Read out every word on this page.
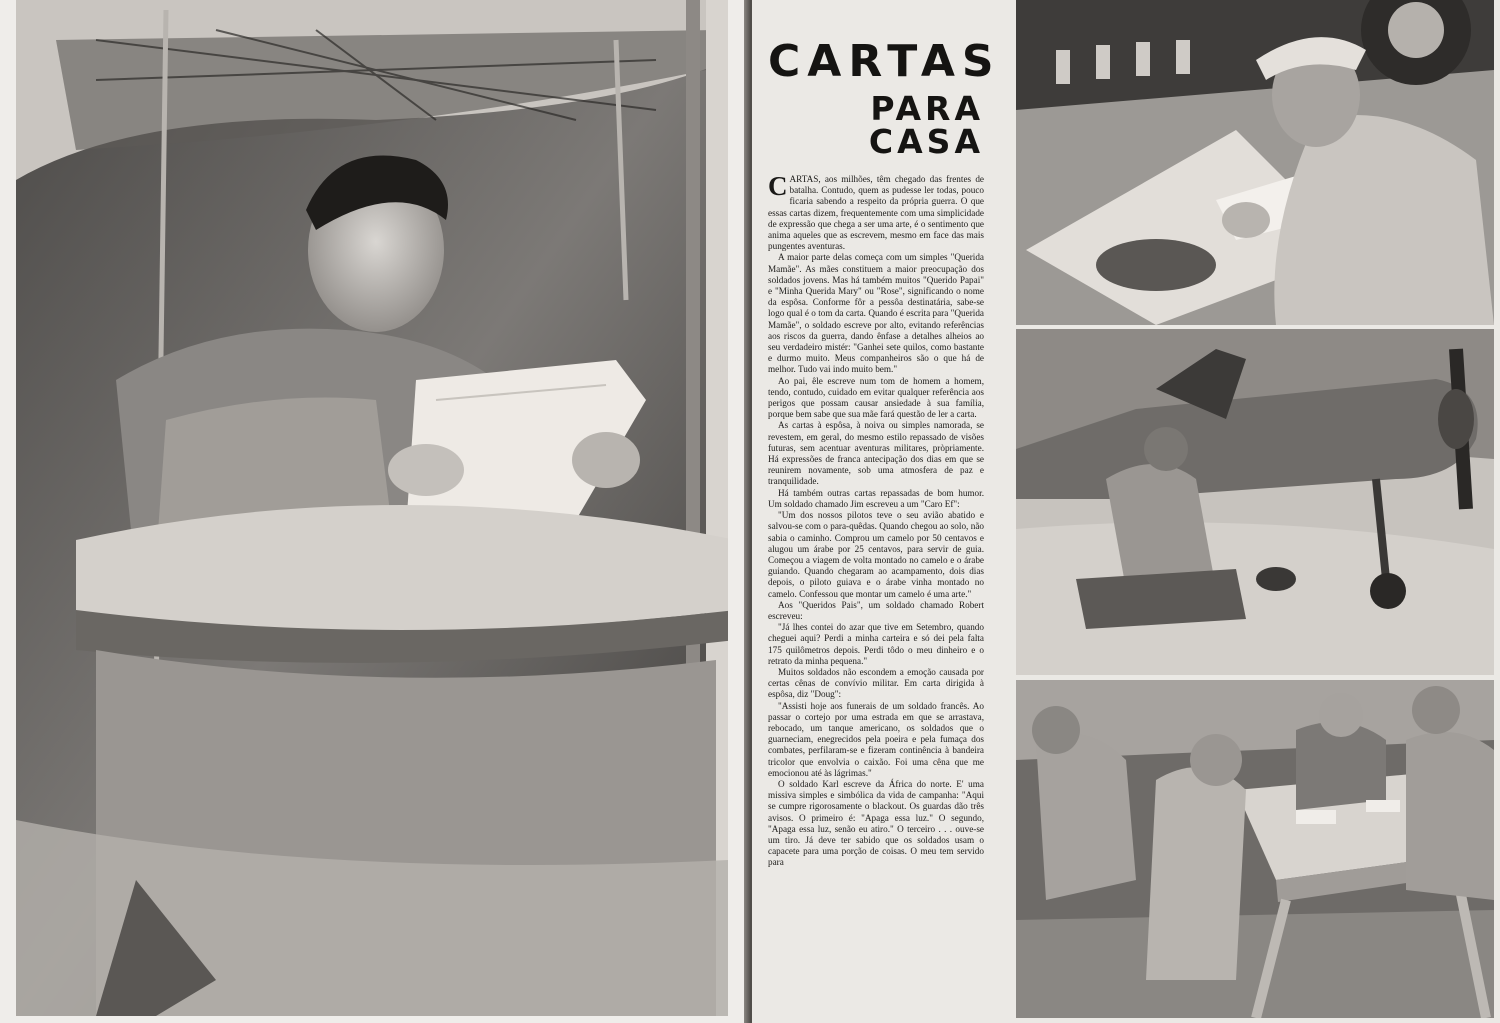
CARTAS
PARA CASA

CARTAS, aos milhões, têm chegado das frentes de batalha. Contudo, quem as pudesse ler todas, pouco ficaria sabendo a respeito da própria guerra. O que essas cartas dizem, frequentemente com uma simplicidade de expressão que chega a ser uma arte, é o sentimento que anima aqueles que as escrevem, mesmo em face das mais pungentes aventuras.

A maior parte delas começa com um simples "Querida Mamãe". As mães constituem a maior preocupação dos soldados jovens. Mas há também muitos "Querido Papai" e "Minha Querida Mary" ou "Rose", significando o nome da espôsa. Conforme fôr a pessôa destinatária, sabe-se logo qual é o tom da carta. Quando é escrita para "Querida Mamãe", o soldado escreve por alto, evitando referências aos riscos da guerra, dando ênfase a detalhes alheios ao seu verdadeiro mistér: "Ganhei sete quilos, como bastante e durmo muito. Meus companheiros são o que há de melhor. Tudo vai indo muito bem."

Ao pai, êle escreve num tom de homem a homem, tendo, contudo, cuidado em evitar qualquer referência aos perigos que possam causar ansiedade à sua família, porque bem sabe que sua mãe fará questão de ler a carta.

As cartas à espôsa, à noiva ou simples namorada, se revestem, em geral, do mesmo estilo repassado de visões futuras, sem acentuar aventuras militares, pròpriamente. Há expressões de franca antecipação dos dias em que se reunirem novamente, sob uma atmosfera de paz e tranquilidade.

Há também outras cartas repassadas de bom humor. Um soldado chamado Jim escreveu a um "Caro Ef":

"Um dos nossos pilotos teve o seu avião abatido e salvou-se com o para-quêdas. Quando chegou ao solo, não sabia o caminho. Comprou um camelo por 50 centavos e alugou um árabe por 25 centavos, para servir de guia. Começou a viagem de volta montado no camelo e o árabe guiando. Quando chegaram ao acampamento, dois dias depois, o piloto guiava e o árabe vinha montado no camelo. Confessou que montar um camelo é uma arte."

Aos "Queridos Pais", um soldado chamado Robert escreveu:

"Já lhes contei do azar que tive em Setembro, quando cheguei aqui? Perdi a minha carteira e só dei pela falta 175 quilômetros depois. Perdi tôdo o meu dinheiro e o retrato da minha pequena."

Muitos soldados não escondem a emoção causada por certas cênas de convívio militar. Em carta dirigida à espôsa, diz "Doug":

"Assisti hoje aos funerais de um soldado francês. Ao passar o cortejo por uma estrada em que se arrastava, rebocado, um tanque americano, os soldados que o guarneciam, enegrecidos pela poeira e pela fumaça dos combates, perfilaram-se e fizeram continência à bandeira tricolor que envolvia o caixão. Foi uma cêna que me emocionou até às lágrimas."

O soldado Karl escreve da África do norte. E' uma missiva simples e simbólica da vida de campanha: "Aqui se cumpre rigorosamente o blackout. Os guardas dão três avisos. O primeiro é: "Apaga essa luz." O segundo, "Apaga essa luz, senão eu atiro." O terceiro . . . ouve-se um tiro. Já deve ter sabido que os soldados usam o capacete para uma porção de coisas. O meu tem servido para
